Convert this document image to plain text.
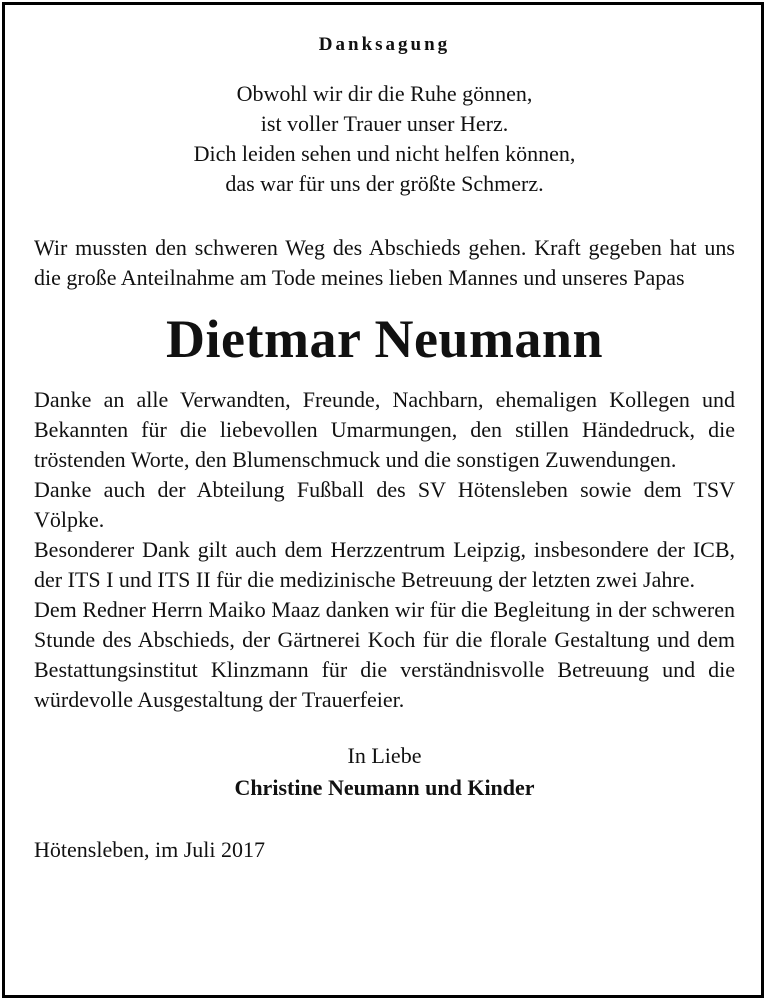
Danksagung
Obwohl wir dir die Ruhe gönnen,
ist voller Trauer unser Herz.
Dich leiden sehen und nicht helfen können,
das war für uns der größte Schmerz.

Wir mussten den schweren Weg des Abschieds gehen. Kraft gegeben hat uns die große Anteilnahme am Tode meines lieben Mannes und unseres Papas

Dietmar Neumann

Danke an alle Verwandten, Freunde, Nachbarn, ehemaligen Kollegen und Bekannten für die liebevollen Umarmungen, den stillen Händedruck, die tröstenden Worte, den Blumenschmuck und die sonstigen Zuwendungen.

Danke auch der Abteilung Fußball des SV Hötensleben sowie dem TSV Völpke.

Besonderer Dank gilt auch dem Herzzentrum Leipzig, insbesondere der ICB, der ITS I und ITS II für die medizinische Betreuung der letzten zwei Jahre.

Dem Redner Herrn Maiko Maaz danken wir für die Begleitung in der schweren Stunde des Abschieds, der Gärtnerei Koch für die florale Gestaltung und dem Bestattungsinstitut Klinzmann für die verständnisvolle Betreuung und die würdevolle Ausgestaltung der Trauerfeier.

In Liebe
Christine Neumann und Kinder
Hötensleben, im Juli 2017
